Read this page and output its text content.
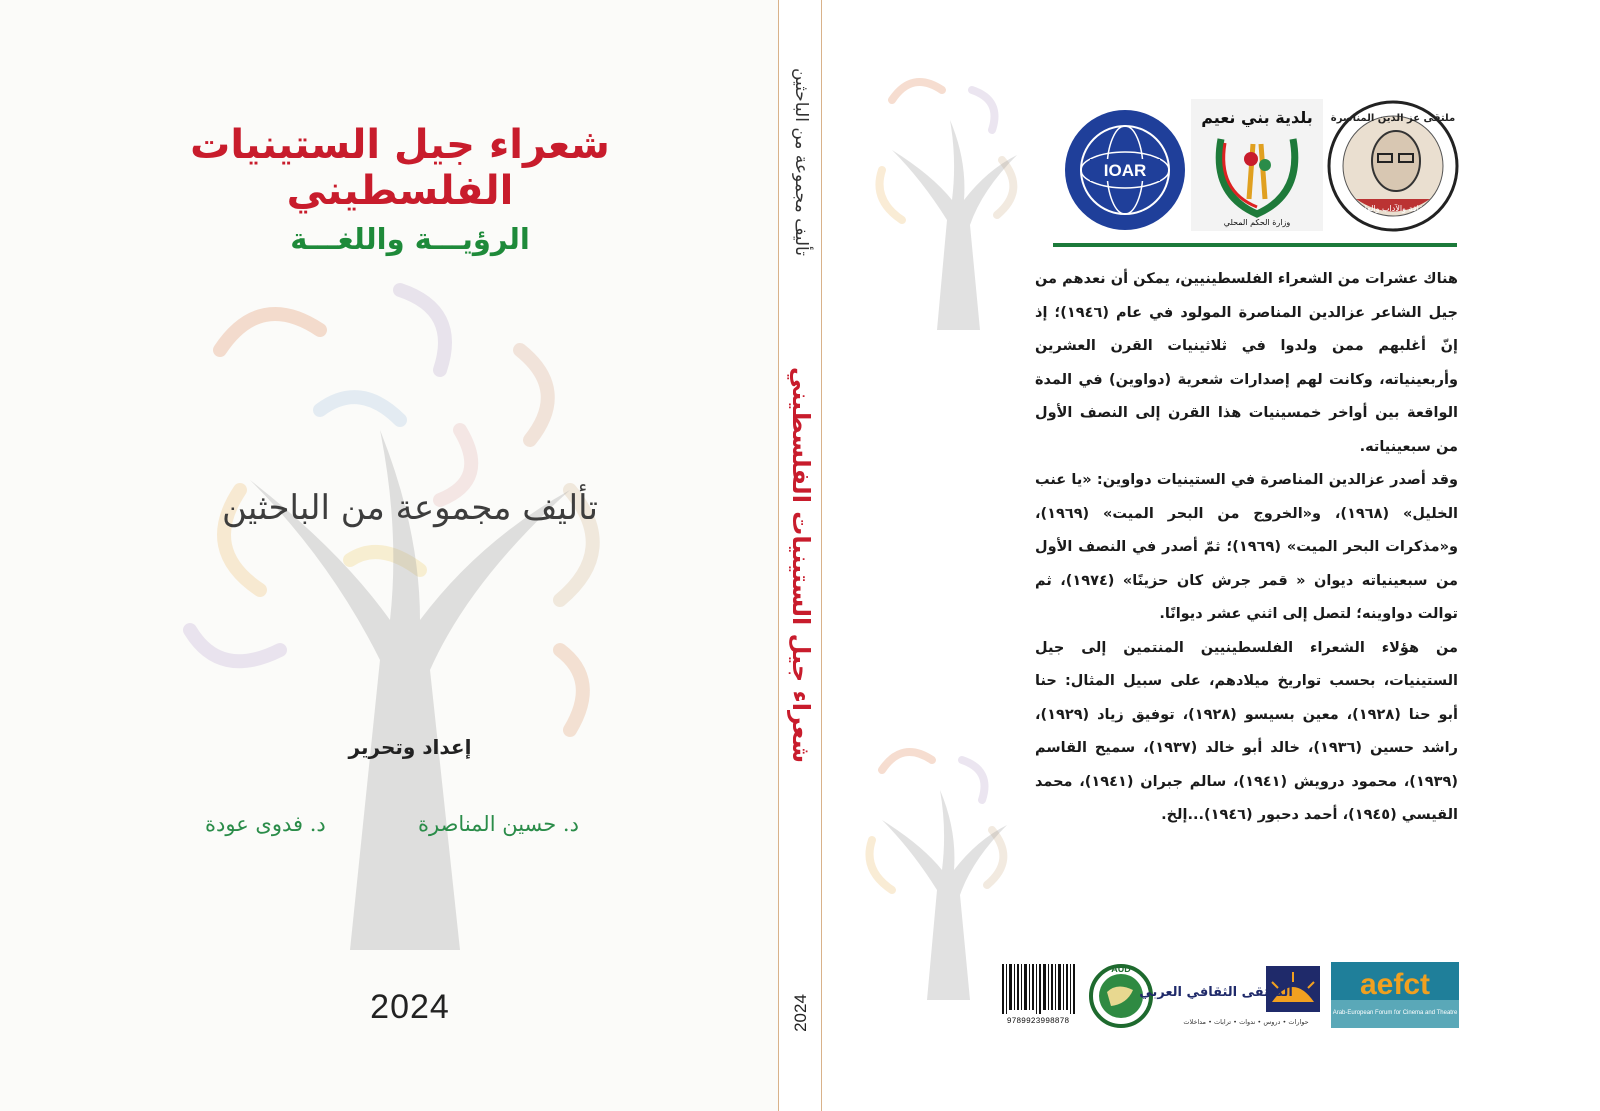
شعراء جيل الستينيات الفلسطيني
الرؤيـــة واللغـــة
تأليف مجموعة من الباحثين
إعداد وتحرير
د. حسين المناصرة
د. فدوى عودة
2024
تأليف مجموعة من الباحثين
شعراء جيل الستينيات الفلسطيني
2024
IOAR
بلدية بني نعيم
وزارة الحكم المحلي
ملتقى عز الدين المناصرة
للثقافة والآداب والعلوم

هناك عشرات من الشعراء الفلسطينيين، يمكن أن نعدهم من جيل الشاعر عزالدين المناصرة المولود في عام (١٩٤٦)؛ إذ إنّ أغلبهم ممن ولدوا في ثلاثينيات القرن العشرين وأربعينياته، وكانت لهم إصدارات شعرية (دواوين) في المدة الواقعة بين أواخر خمسينيات هذا القرن إلى النصف الأول من سبعينياته.

وقد أصدر عزالدين المناصرة في الستينيات دواوين: «يا عنب الخليل» (١٩٦٨)، و«الخروج من البحر الميت» (١٩٦٩)، و«مذكرات البحر الميت» (١٩٦٩)؛ ثمّ أصدر في النصف الأول من سبعينياته ديوان « قمر جرش كان حزينًا» (١٩٧٤)، ثم توالت دواوينه؛ لتصل إلى اثني عشر ديوانًا.

من هؤلاء الشعراء الفلسطينيين المنتمين إلى جيل الستينيات، بحسب تواريخ ميلادهم، على سبيل المثال: حنا أبو حنا (١٩٢٨)، معين بسيسو (١٩٢٨)، توفيق زياد (١٩٢٩)، راشد حسين (١٩٣٦)، خالد أبو خالد (١٩٣٧)، سميح القاسم (١٩٣٩)، محمود درويش (١٩٤١)، سالم جبران (١٩٤١)، محمد القيسي (١٩٤٥)، أحمد دحبور (١٩٤٦)...إلخ.

9789923998878
AUD
الملتقى الثقافي العربي
حوارات • دروس • ندوات • ترابات • مداخلات
aefct
Arab-European Forum for Cinema and Theatre
